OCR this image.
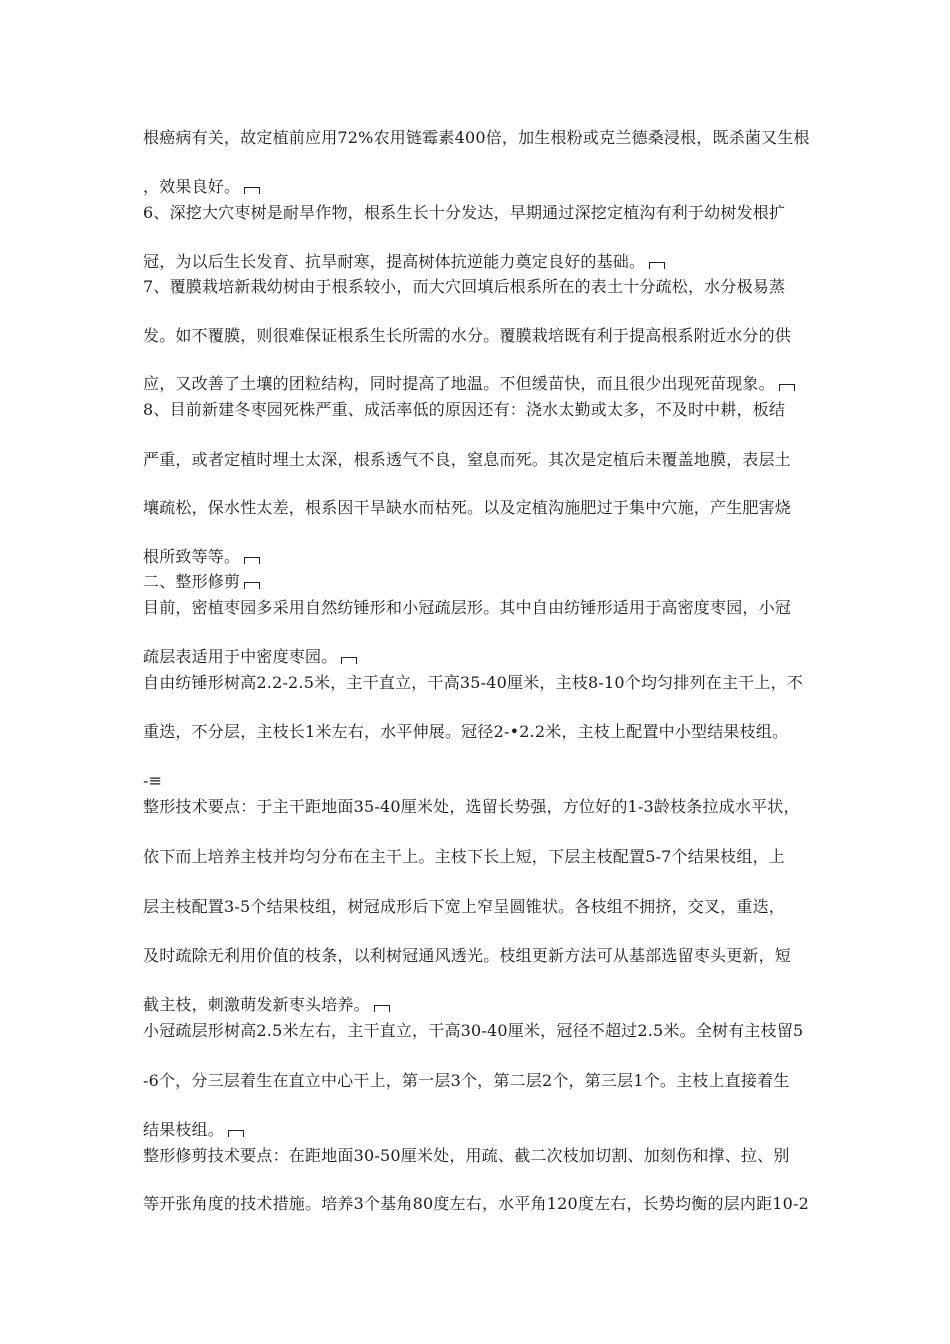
根癌病有关，故定植前应用72%农用链霉素400倍，加生根粉或克兰德桑浸根，既杀菌又生根
，效果良好。
6、深挖大穴枣树是耐旱作物，根系生长十分发达，早期通过深挖定植沟有利于幼树发根扩
冠，为以后生长发育、抗旱耐寒，提高树体抗逆能力奠定良好的基础。
7、覆膜栽培新栽幼树由于根系较小，而大穴回填后根系所在的表土十分疏松，水分极易蒸
发。如不覆膜，则很难保证根系生长所需的水分。覆膜栽培既有利于提高根系附近水分的供
应，又改善了土壤的团粒结构，同时提高了地温。不但缓苗快，而且很少出现死苗现象。
8、目前新建冬枣园死株严重、成活率低的原因还有：浇水太勤或太多，不及时中耕，板结
严重，或者定植时埋土太深，根系透气不良，窒息而死。其次是定植后未覆盖地膜，表层土
壤疏松，保水性太差，根系因干旱缺水而枯死。以及定植沟施肥过于集中穴施，产生肥害烧
根所致等等。
二、整形修剪
目前，密植枣园多采用自然纺锤形和小冠疏层形。其中自由纺锤形适用于高密度枣园，小冠
疏层表适用于中密度枣园。
自由纺锤形树高2.2-2.5米，主干直立，干高35-40厘米，主枝8-10个均匀排列在主干上，不
重迭，不分层，主枝长1米左右，水平伸展。冠径2-•2.2米，主枝上配置中小型结果枝组。
-≡
整形技术要点：于主干距地面35-40厘米处，选留长势强，方位好的1-3龄枝条拉成水平状，
依下而上培养主枝并均匀分布在主干上。主枝下长上短，下层主枝配置5-7个结果枝组，上
层主枝配置3-5个结果枝组，树冠成形后下宽上窄呈圆锥状。各枝组不拥挤，交叉，重迭，
及时疏除无利用价值的枝条，以利树冠通风透光。枝组更新方法可从基部选留枣头更新，短
截主枝，刺激萌发新枣头培养。
小冠疏层形树高2.5米左右，主干直立，干高30-40厘米，冠径不超过2.5米。全树有主枝留5
-6个，分三层着生在直立中心干上，第一层3个，第二层2个，第三层1个。主枝上直接着生
结果枝组。
整形修剪技术要点：在距地面30-50厘米处，用疏、截二次枝加切割、加刻伤和撑、拉、别
等开张角度的技术措施。培养3个基角80度左右，水平角120度左右，长势均衡的层内距10-2
